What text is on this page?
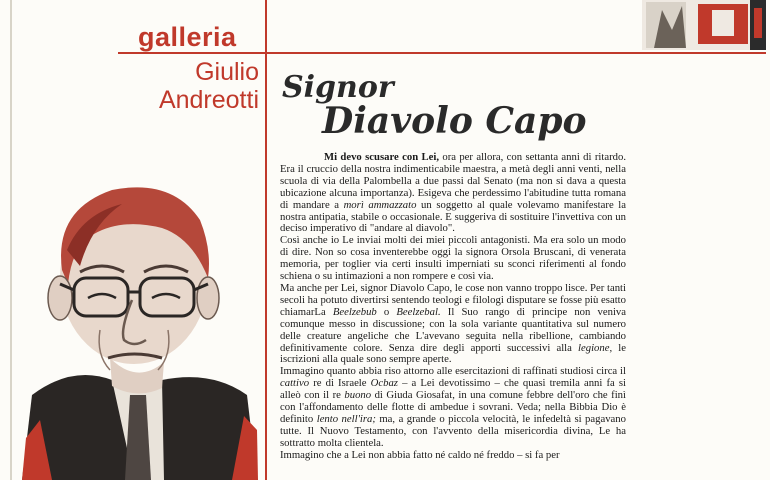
galleria
Giulio
Andreotti Signor
Diavolo Capo

Mi devo scusare con Lei, ora per allora, con settanta anni di ritardo. Era il cruccio della nostra indimenticabile maestra, a metà degli anni venti, nella scuola di via della Palombella a due passi dal Senato (ma non si dava a questa ubicazione alcuna importanza). Esigeva che perdessimo l'abitudine tutta romana di mandare a morì ammazzato un soggetto al quale volevamo manifestare la nostra antipatia, stabile o occasionale. E suggeriva di sostituire l'invettiva con un deciso imperativo di "andare al diavolo".

Così anche io Le inviai molti dei miei piccoli antagonisti. Ma era solo un modo di dire. Non so cosa inventerebbe oggi la signora Orsola Bruscani, di venerata memoria, per toglier via certi insulti imperniati su sconci riferimenti al fondo schiena o su intimazioni a non rompere e così via.

Ma anche per Lei, signor Diavolo Capo, le cose non vanno troppo lisce. Per tanti secoli ha potuto divertirsi sentendo teologi e filologi disputare se fosse più esatto chiamarLa Beelzebub o Beelzebal. Il Suo rango di principe non veniva comunque messo in discussione; con la sola variante quantitativa sul numero delle creature angeliche che L'avevano seguita nella ribellione, cambiando definitivamente colore. Senza dire degli apporti successivi alla legione, le iscrizioni alla quale sono sempre aperte.

Immagino quanto abbia riso attorno alle esercitazioni di raffinati studiosi circa il cattivo re di Israele Ocbaz – a Lei devotissimo – che quasi tremila anni fa si alleò con il re buono di Giuda Giosafat, in una comune febbre dell'oro che finì con l'affondamento delle flotte di ambedue i sovrani. Veda; nella Bibbia Dio è definito lento nell'ira; ma, a grande o piccola velocità, le infedeltà si pagavano tutte. Il Nuovo Testamento, con l'avvento della misericordia divina, Le ha sottratto molta clientela.

Immagino che a Lei non abbia fatto né caldo né freddo – si fa per
